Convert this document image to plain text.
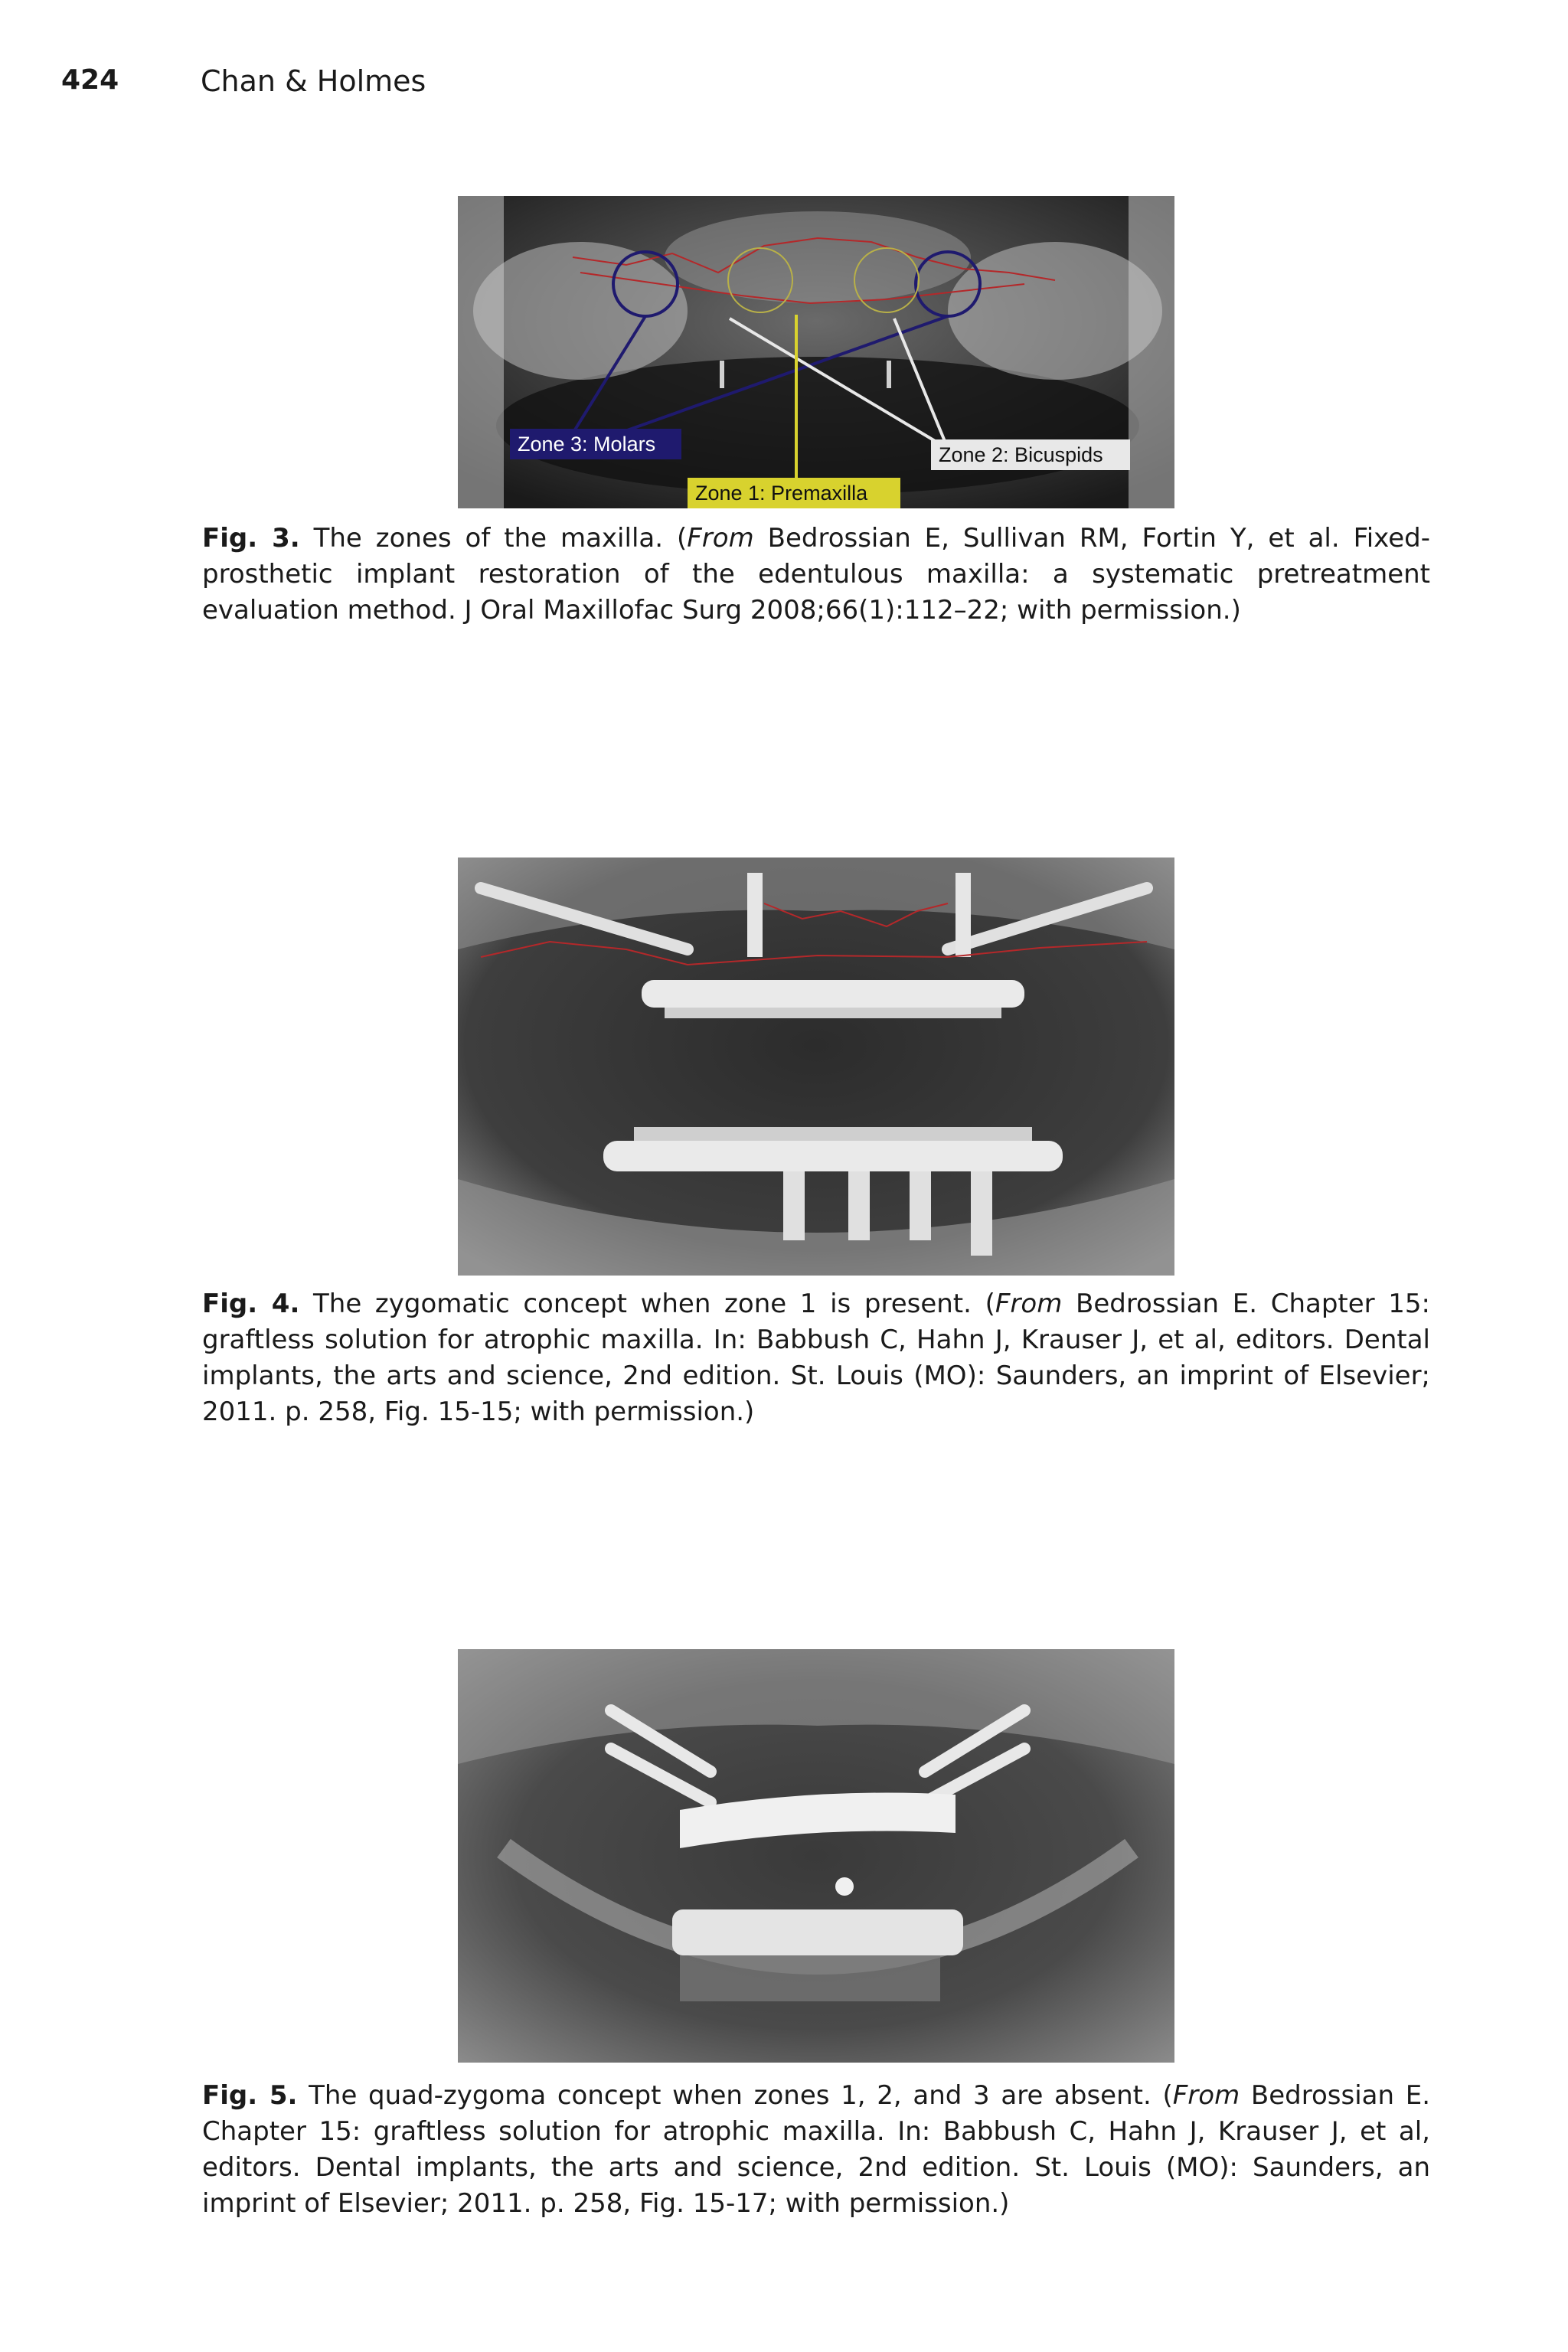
424	Chan & Holmes
Zone 3: Molars	Zone 2: Bicuspids
Zone 1: Premaxilla
Fig. 3. The zones of the maxilla. (From Bedrossian E, Sullivan RM, Fortin Y, et al. Fixed-prosthetic implant restoration of the edentulous maxilla: a systematic pretreatment evaluation method. J Oral Maxillofac Surg 2008;66(1):112–22; with permission.)
Fig. 4. The zygomatic concept when zone 1 is present. (From Bedrossian E. Chapter 15: graftless solution for atrophic maxilla. In: Babbush C, Hahn J, Krauser J, et al, editors. Dental implants, the arts and science, 2nd edition. St. Louis (MO): Saunders, an imprint of Elsevier; 2011. p. 258, Fig. 15-15; with permission.)
Fig. 5. The quad-zygoma concept when zones 1, 2, and 3 are absent. (From Bedrossian E. Chapter 15: graftless solution for atrophic maxilla. In: Babbush C, Hahn J, Krauser J, et al, editors. Dental implants, the arts and science, 2nd edition. St. Louis (MO): Saunders, an imprint of Elsevier; 2011. p. 258, Fig. 15-17; with permission.)
